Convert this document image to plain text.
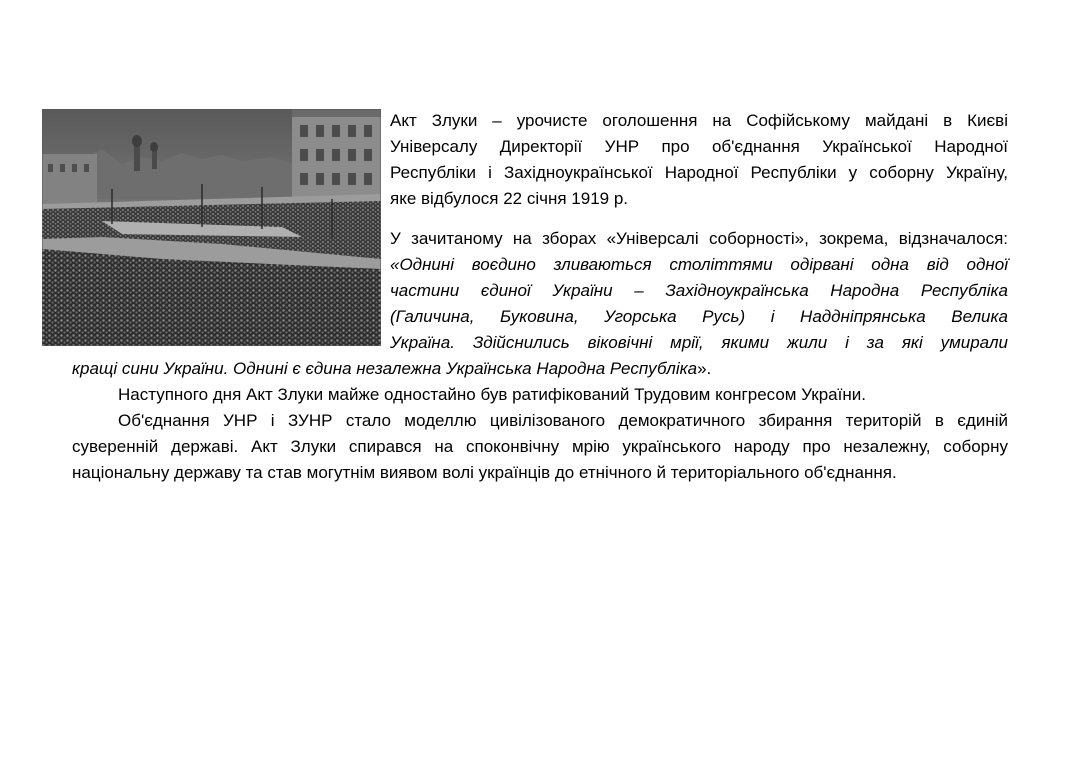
Акт Злуки – урочисте оголошення на Софійському майдані в Києві
Універсалу Директорії УНР про об'єднання Української Народної
Республіки і Західноукраїнської Народної Республіки у соборну Україну,
яке відбулося 22 січня 1919 р.

У зачитаному на зборах «Універсалі соборності», зокрема, відзначалося:
«Однині воєдино зливаються століттями одірвані одна від одної
частини єдиної України – Західноукраїнська Народна Республіка
(Галичина, Буковина, Угорська Русь) і Наддніпрянська Велика
Україна. Здійснились віковічні мрії, якими жили і за які умирали
кращі сини України. Однині є єдина незалежна Українська Народна Республіка».

Наступного дня Акт Злуки майже одностайно був ратифікований Трудовим конгресом України.

Об'єднання УНР і ЗУНР стало моделлю цивілізованого демократичного збирання територій в єдиній
суверенній державі. Акт Злуки спирався на споконвічну мрію українського народу про незалежну, соборну
національну державу та став могутнім виявом волі українців до етнічного й територіального об'єднання.
